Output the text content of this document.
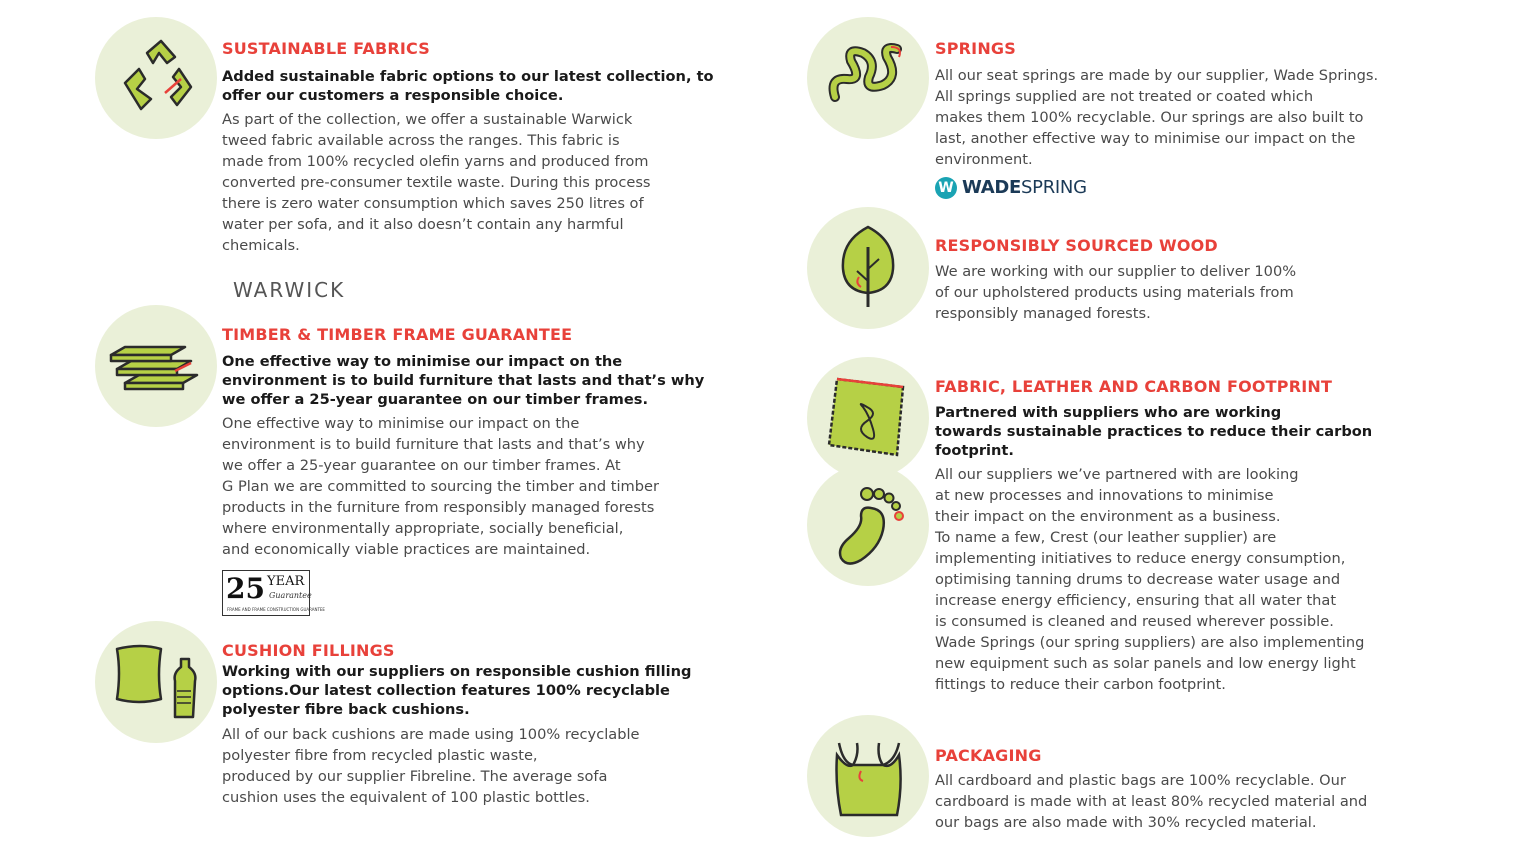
SUSTAINABLE FABRICS
Added sustainable fabric options to our latest collection, to
offer our customers a responsible choice.
As part of the collection, we offer a sustainable Warwick
tweed fabric available across the ranges. This fabric is
made from 100% recycled olefin yarns and produced from
converted pre-consumer textile waste. During this process
there is zero water consumption which saves 250 litres of
water per sofa, and it also doesn’t contain any harmful
chemicals.
WARWICK
TIMBER & TIMBER FRAME GUARANTEE
One effective way to minimise our impact on the
environment is to build furniture that lasts and that’s why
we offer a 25-year guarantee on our timber frames.
One effective way to minimise our impact on the
environment is to build furniture that lasts and that’s why
we offer a 25-year guarantee on our timber frames. At
G Plan we are committed to sourcing the timber and timber
products in the furniture from responsibly managed forests
where environmentally appropriate, socially beneficial,
and economically viable practices are maintained.
25 YEAR
Guarantee
FRAME AND FRAME CONSTRUCTION GUARANTEE
CUSHION FILLINGS
Working with our suppliers on responsible cushion filling
options.Our latest collection features 100% recyclable
polyester fibre back cushions.
All of our back cushions are made using 100% recyclable
polyester fibre from recycled plastic waste,
produced by our supplier Fibreline. The average sofa
cushion uses the equivalent of 100 plastic bottles.
SPRINGS
All our seat springs are made by our supplier, Wade Springs.
All springs supplied are not treated or coated which
makes them 100% recyclable. Our springs are also built to
last, another effective way to minimise our impact on the
environment.
W WADESPRING
RESPONSIBLY SOURCED WOOD
We are working with our supplier to deliver 100%
of our upholstered products using materials from
responsibly managed forests.
FABRIC, LEATHER AND CARBON FOOTPRINT
Partnered with suppliers who are working
towards sustainable practices to reduce their carbon
footprint.
All our suppliers we’ve partnered with are looking
at new processes and innovations to minimise
their impact on the environment as a business.
To name a few, Crest (our leather supplier) are
implementing initiatives to reduce energy consumption,
optimising tanning drums to decrease water usage and
increase energy efficiency, ensuring that all water that
is consumed is cleaned and reused wherever possible.
Wade Springs (our spring suppliers) are also implementing
new equipment such as solar panels and low energy light
fittings to reduce their carbon footprint.
PACKAGING
All cardboard and plastic bags are 100% recyclable. Our
cardboard is made with at least 80% recycled material and
our bags are also made with 30% recycled material.
